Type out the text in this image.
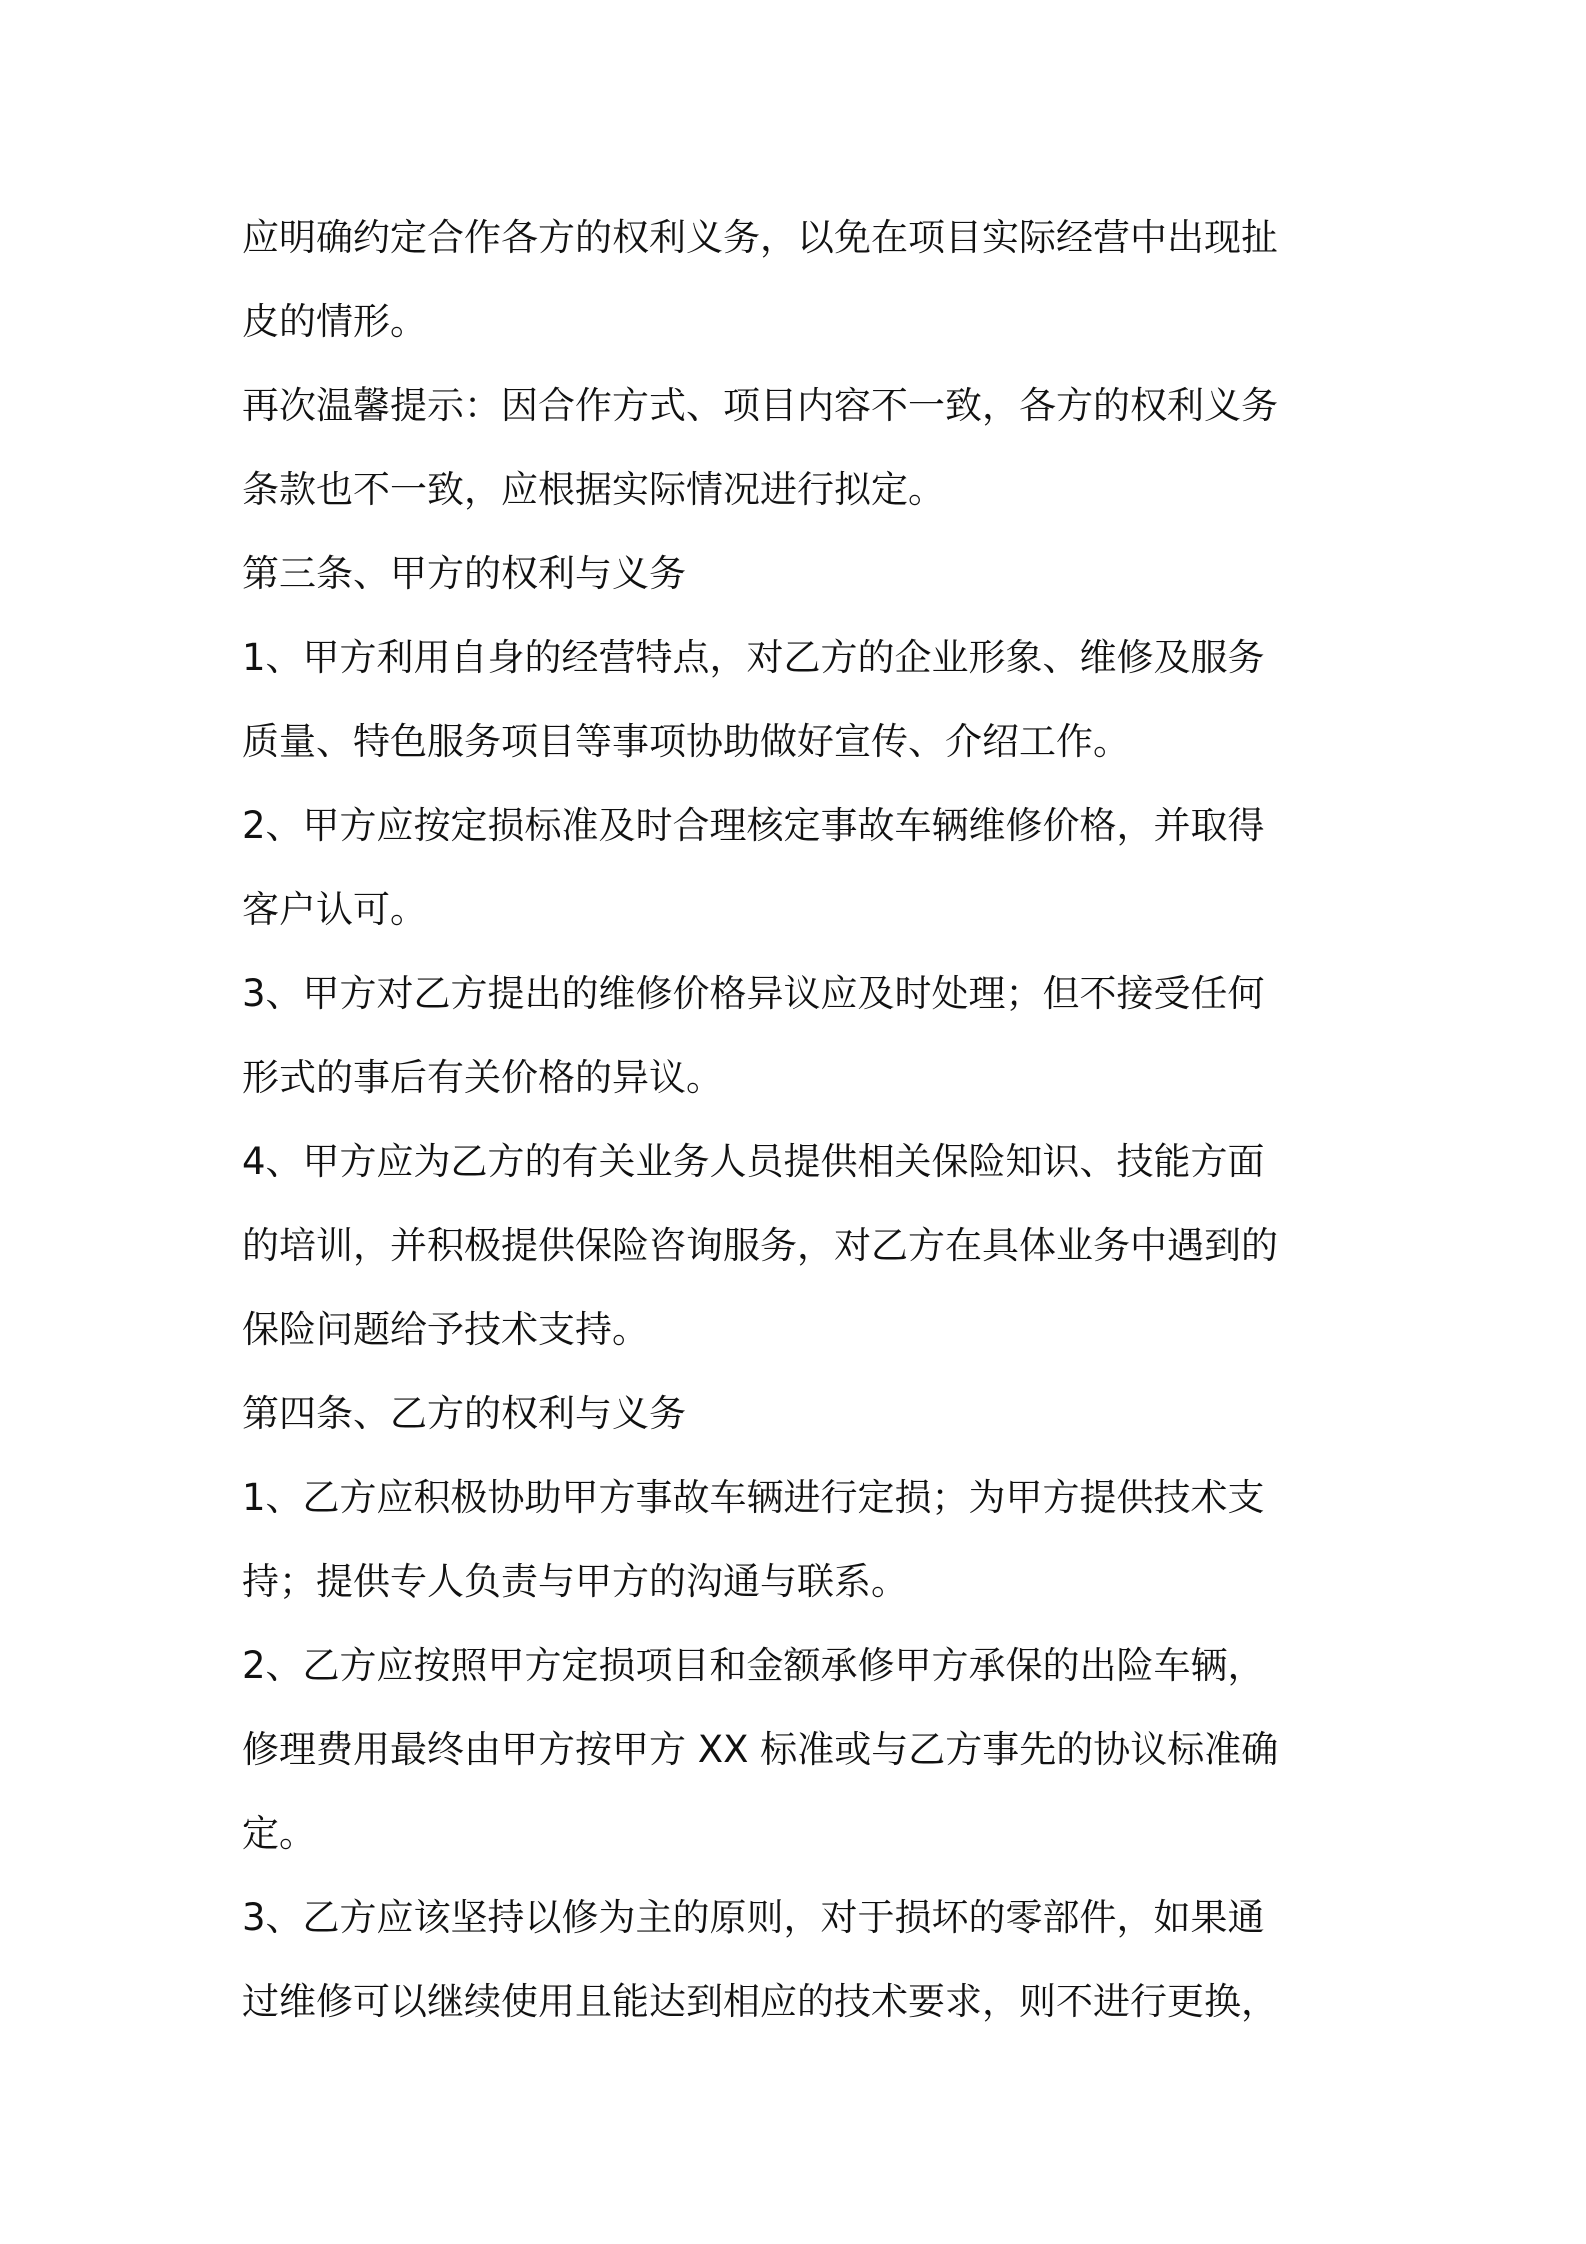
应明确约定合作各方的权利义务，以免在项目实际经营中出现扯
皮的情形。

再次温馨提示：因合作方式、项目内容不一致，各方的权利义务
条款也不一致，应根据实际情况进行拟定。

第三条、甲方的权利与义务

1、甲方利用自身的经营特点，对乙方的企业形象、维修及服务
质量、特色服务项目等事项协助做好宣传、介绍工作。

2、甲方应按定损标准及时合理核定事故车辆维修价格，并取得
客户认可。

3、甲方对乙方提出的维修价格异议应及时处理；但不接受任何
形式的事后有关价格的异议。

4、甲方应为乙方的有关业务人员提供相关保险知识、技能方面
的培训，并积极提供保险咨询服务，对乙方在具体业务中遇到的
保险问题给予技术支持。

第四条、乙方的权利与义务

1、乙方应积极协助甲方事故车辆进行定损；为甲方提供技术支
持；提供专人负责与甲方的沟通与联系。

2、乙方应按照甲方定损项目和金额承修甲方承保的出险车辆，
修理费用最终由甲方按甲方 XX 标准或与乙方事先的协议标准确
定。

3、乙方应该坚持以修为主的原则，对于损坏的零部件，如果通
过维修可以继续使用且能达到相应的技术要求，则不进行更换，
